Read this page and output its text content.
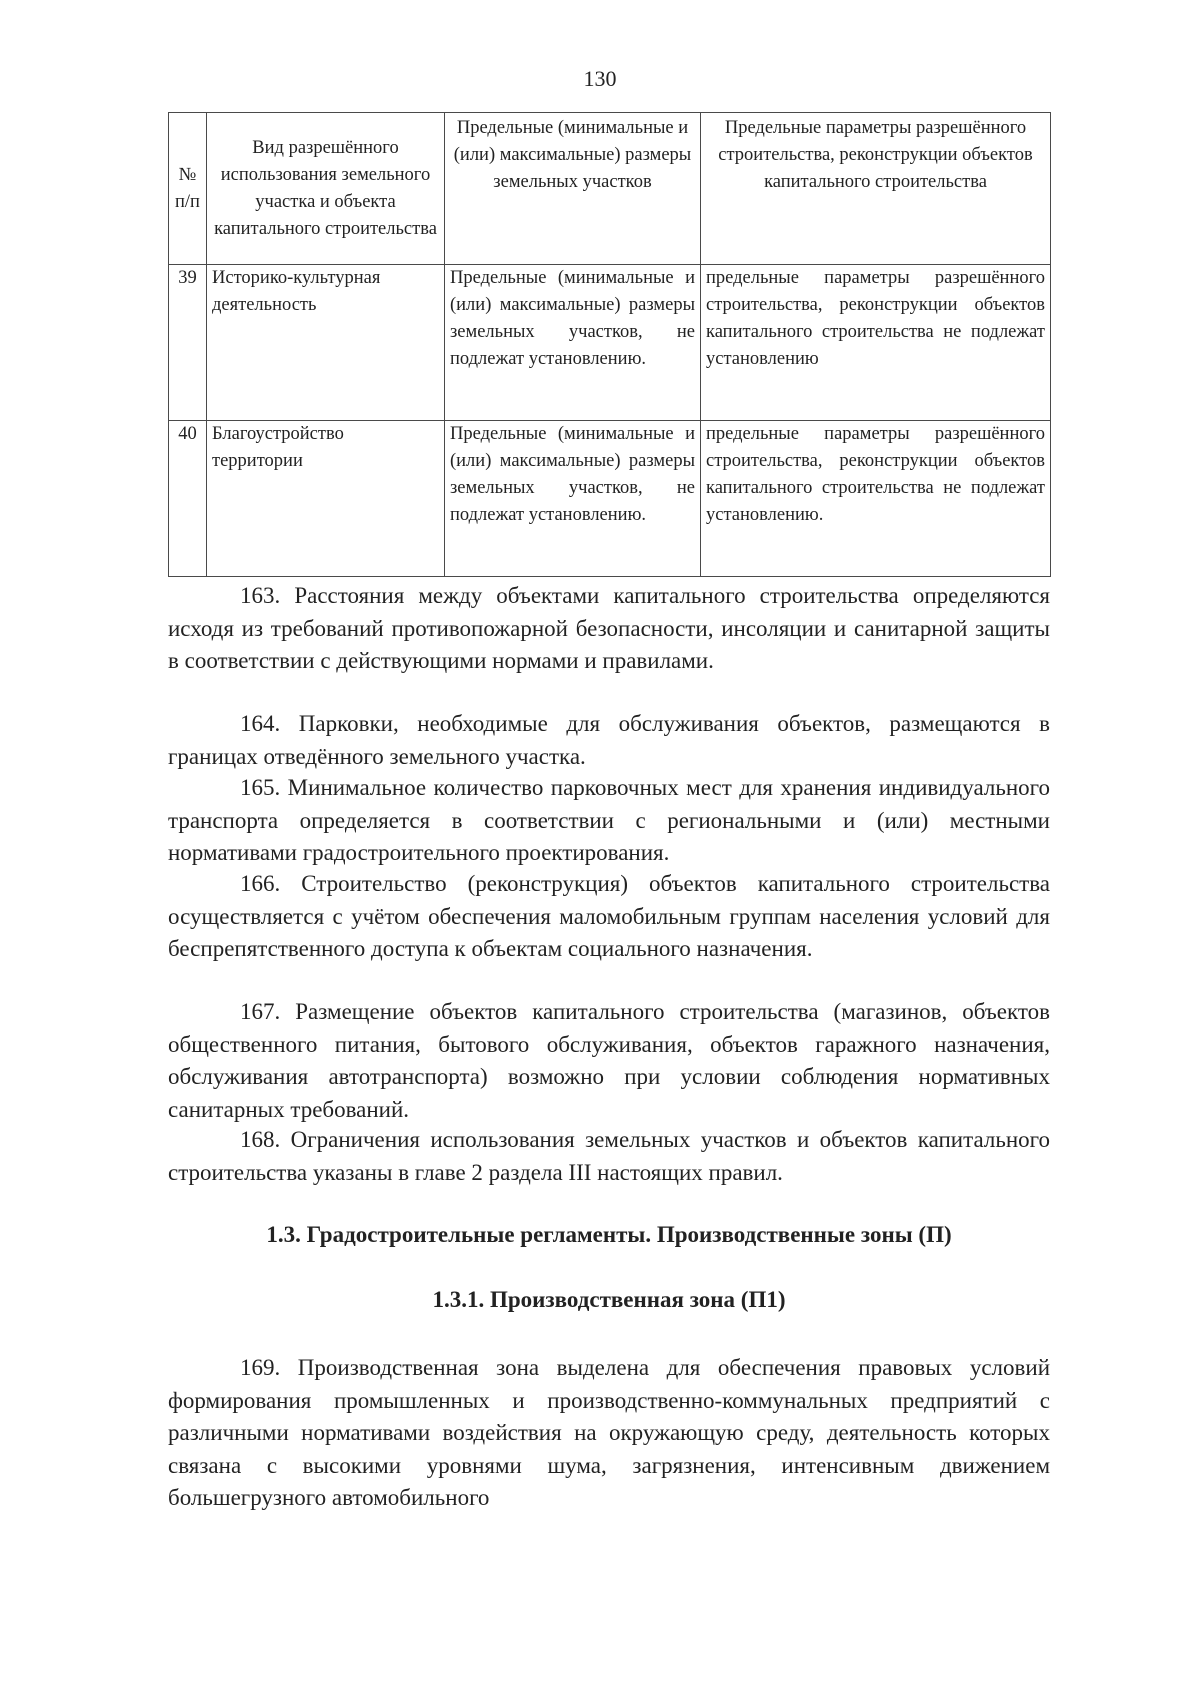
130
№ п/п	Вид разрешённого использования земельного участка и объекта капитального строительства	Предельные (минимальные и (или) максимальные) размеры земельных участков	Предельные параметры разрешённого строительства, реконструкции объектов капитального строительства
39	Историко-культурная деятельность	Предельные (минимальные и (или) максимальные) размеры земельных участков, не подлежат установлению.	предельные параметры разрешённого строительства, реконструкции объектов капитального строительства не подлежат установлению
40	Благоустройство территории	Предельные (минимальные и (или) максимальные) размеры земельных участков, не подлежат установлению.	предельные параметры разрешённого строительства, реконструкции объектов капитального строительства не подлежат установлению.

163. Расстояния между объектами капитального строительства определяются исходя из требований противопожарной безопасности, инсоляции и санитарной защиты в соответствии с действующими нормами и правилами.

164. Парковки, необходимые для обслуживания объектов, размещаются в границах отведённого земельного участка.

165. Минимальное количество парковочных мест для хранения индивидуального транспорта определяется в соответствии с региональными и (или) местными нормативами градостроительного проектирования.

166. Строительство (реконструкция) объектов капитального строительства осуществляется с учётом обеспечения маломобильным группам населения условий для беспрепятственного доступа к объектам социального назначения.

167. Размещение объектов капитального строительства (магазинов, объектов общественного питания, бытового обслуживания, объектов гаражного назначения, обслуживания автотранспорта) возможно при условии соблюдения нормативных санитарных требований.

168. Ограничения использования земельных участков и объектов капитального строительства указаны в главе 2 раздела III настоящих правил.

1.3. Градостроительные регламенты. Производственные зоны (П)
1.3.1. Производственная зона (П1)

169. Производственная зона выделена для обеспечения правовых условий формирования промышленных и производственно-коммунальных предприятий с различными нормативами воздействия на окружающую среду, деятельность которых связана с высокими уровнями шума, загрязнения, интенсивным движением большегрузного автомобильного
